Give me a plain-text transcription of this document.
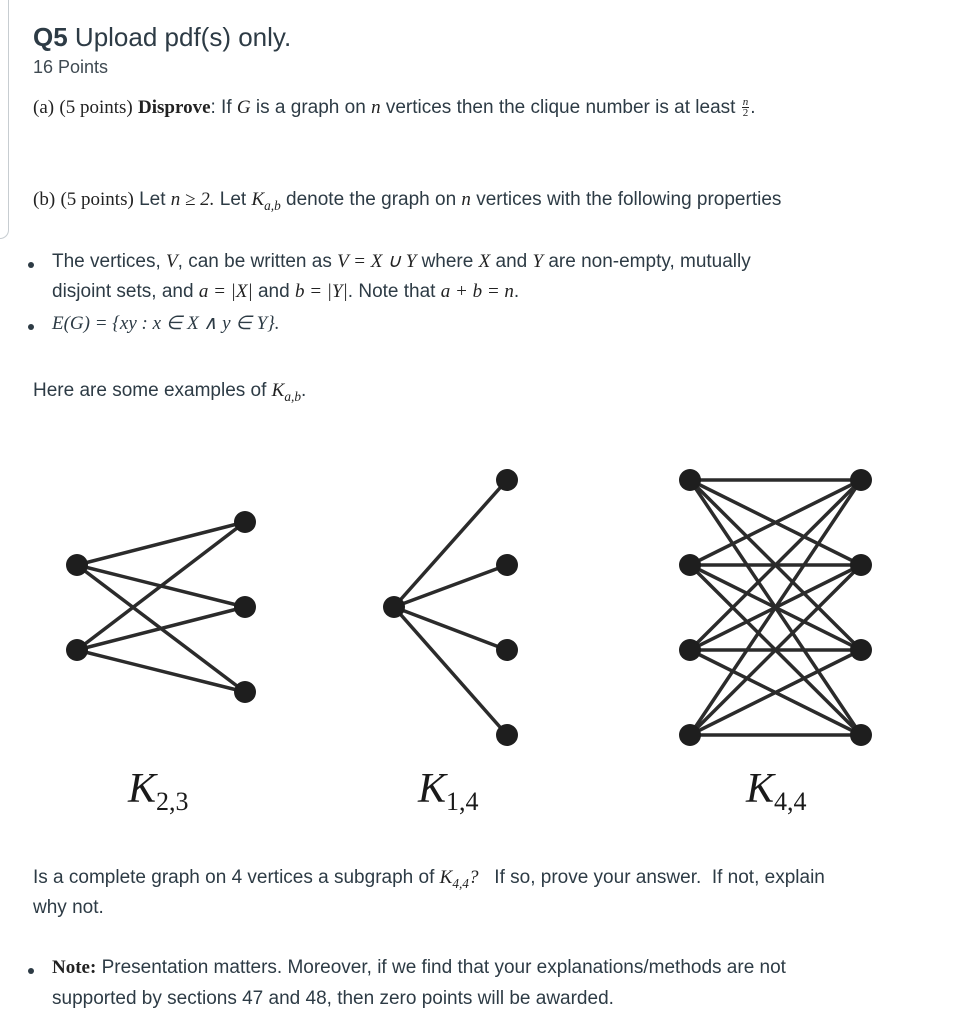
Q5 Upload pdf(s) only.
16 Points
(a) (5 points) Disprove: If G is a graph on n vertices then the clique number is at least $\frac{n}{2}$ .
(b) (5 points) Let n ≥ 2. Let $K_{a,b}$ denote the graph on n vertices with the following properties
The vertices, V, can be written as V = X ∪ Y where X and Y are non-empty, mutually
disjoint sets, and a = |X| and b = |Y|. Note that a + b = n.
E(G) = {xy : x ∈ X ∧ y ∈ Y}.
Here are some examples of $K_{a,b}$.
K2,3	K1,4	K4,4
Is a complete graph on 4 vertices a subgraph of $K_{4,4}$?   If so, prove your answer.  If not, explain
why not.
Note: Presentation matters. Moreover, if we find that your explanations/methods are not
supported by sections 47 and 48, then zero points will be awarded.
